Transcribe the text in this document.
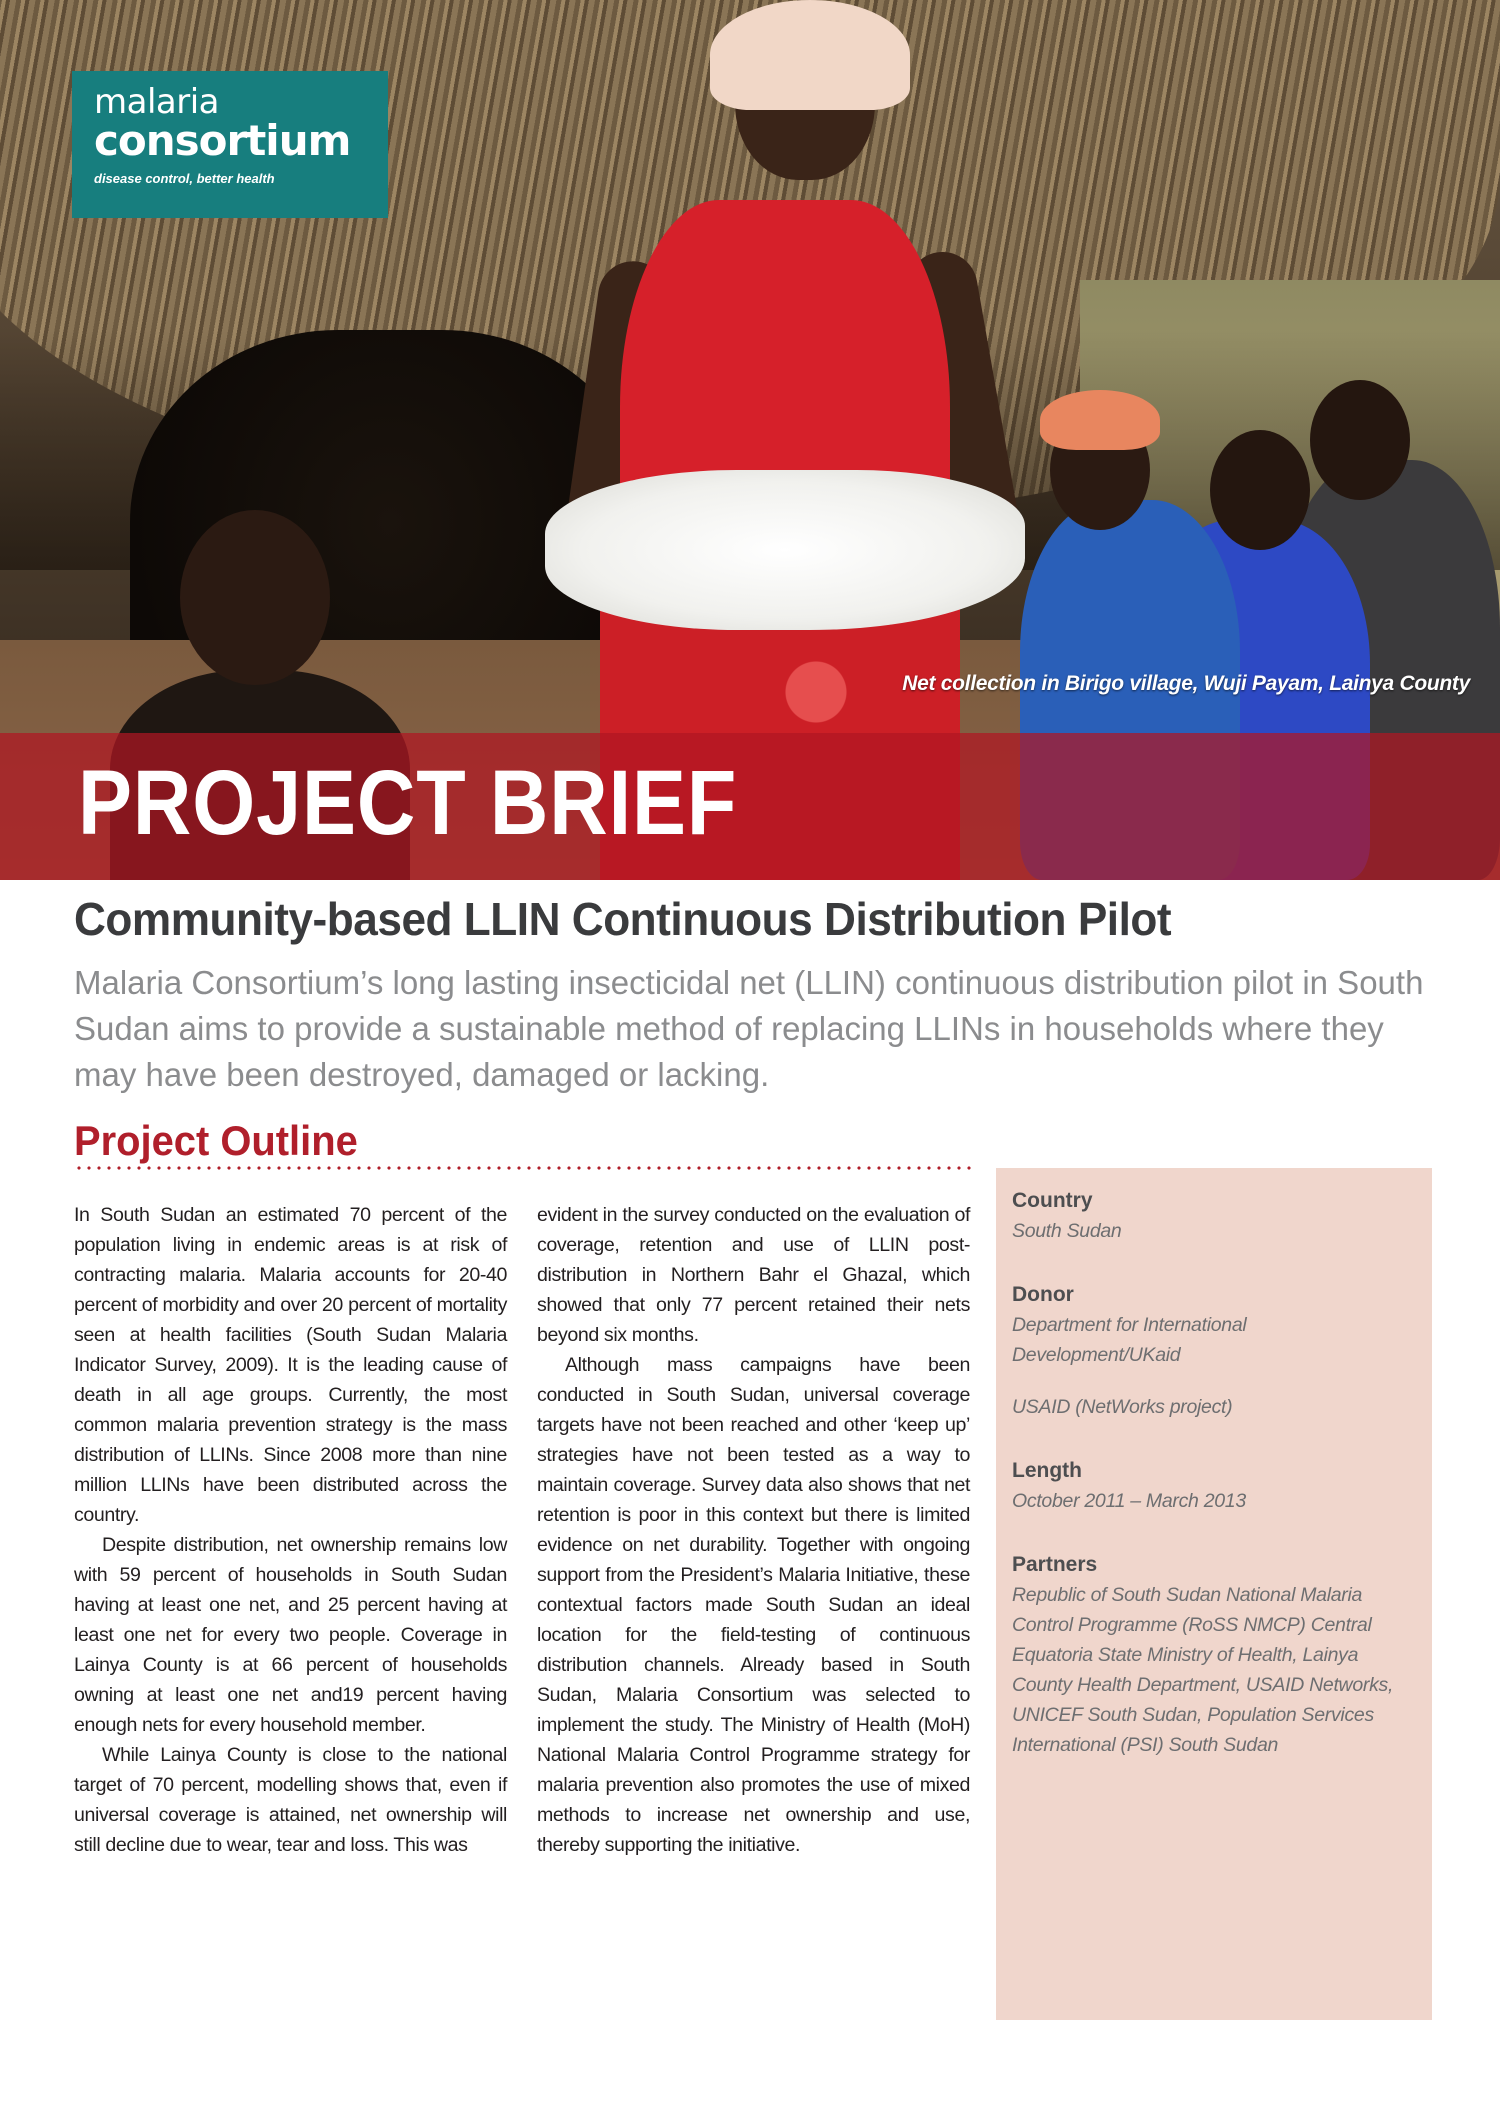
malaria
consortium
disease control, better health
Net collection in Birigo village, Wuji Payam, Lainya County
PROJECT BRIEF
Community-based LLIN Continuous Distribution Pilot

Malaria Consortium’s long lasting insecticidal net (LLIN) continuous distribution pilot in South Sudan aims to provide a sustainable method of replacing LLINs in households where they may have been destroyed, damaged or lacking.

Project Outline

In South Sudan an estimated 70 percent of the population living in endemic areas is at risk of contracting malaria. Malaria accounts for 20-40 percent of morbidity and over 20 percent of mortality seen at health facilities (South Sudan Malaria Indicator Survey, 2009). It is the leading cause of death in all age groups. Currently, the most common malaria prevention strategy is the mass distribution of LLINs. Since 2008 more than nine million LLINs have been distributed across the country.

Despite distribution, net ownership remains low with 59 percent of households in South Sudan having at least one net, and 25 percent having at least one net for every two people. Coverage in Lainya County is at 66 percent of households owning at least one net and19 percent having enough nets for every household member.

While Lainya County is close to the national target of 70 percent, modelling shows that, even if universal coverage is attained, net ownership will still decline due to wear, tear and loss. This was

evident in the survey conducted on the evaluation of coverage, retention and use of LLIN post-distribution in Northern Bahr el Ghazal, which showed that only 77 percent retained their nets beyond six months.

Although mass campaigns have been conducted in South Sudan, universal coverage targets have not been reached and other ‘keep up’ strategies have not been tested as a way to maintain coverage. Survey data also shows that net retention is poor in this context but there is limited evidence on net durability. Together with ongoing support from the President’s Malaria Initiative, these contextual factors made South Sudan an ideal location for the field-testing of continuous distribution channels. Already based in South Sudan, Malaria Consortium was selected to implement the study. The Ministry of Health (MoH) National Malaria Control Programme strategy for malaria prevention also promotes the use of mixed methods to increase net ownership and use, thereby supporting the initiative.

Country
South Sudan
Donor
Department for International Development/UKaid
USAID (NetWorks project)
Length
October 2011 – March 2013
Partners
Republic of South Sudan National Malaria Control Programme (RoSS NMCP) Central Equatoria State Ministry of Health, Lainya County Health Department, USAID Networks, UNICEF South Sudan, Population Services International (PSI) South Sudan
